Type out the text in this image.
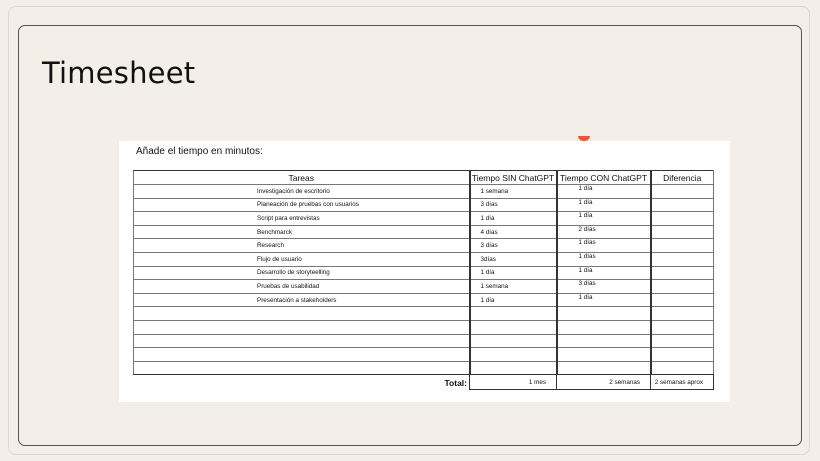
Timesheet
Añade el tiempo en minutos:
Tareas	Tiempo SIN ChatGPT	Tiempo CON ChatGPT	Diferencia
Investigación de escritorio	1 semana	1 día	
Planeación de pruebas con usuarios	3 días	1 día	
Script para entrevistas	1 día	1 día	
Benchmarck	4 días	2 días	
Research	3 días	1 días	
Flujo de usuario	3días	1 días	
Desarrollo de storyteelling	1 día	1 día	
Pruebas de usabilidad	1 semana	3 días	
Presentación a stakeholders	1 día	1 día	

Total:	1 mes	2 semanas	2 semanas aprox
